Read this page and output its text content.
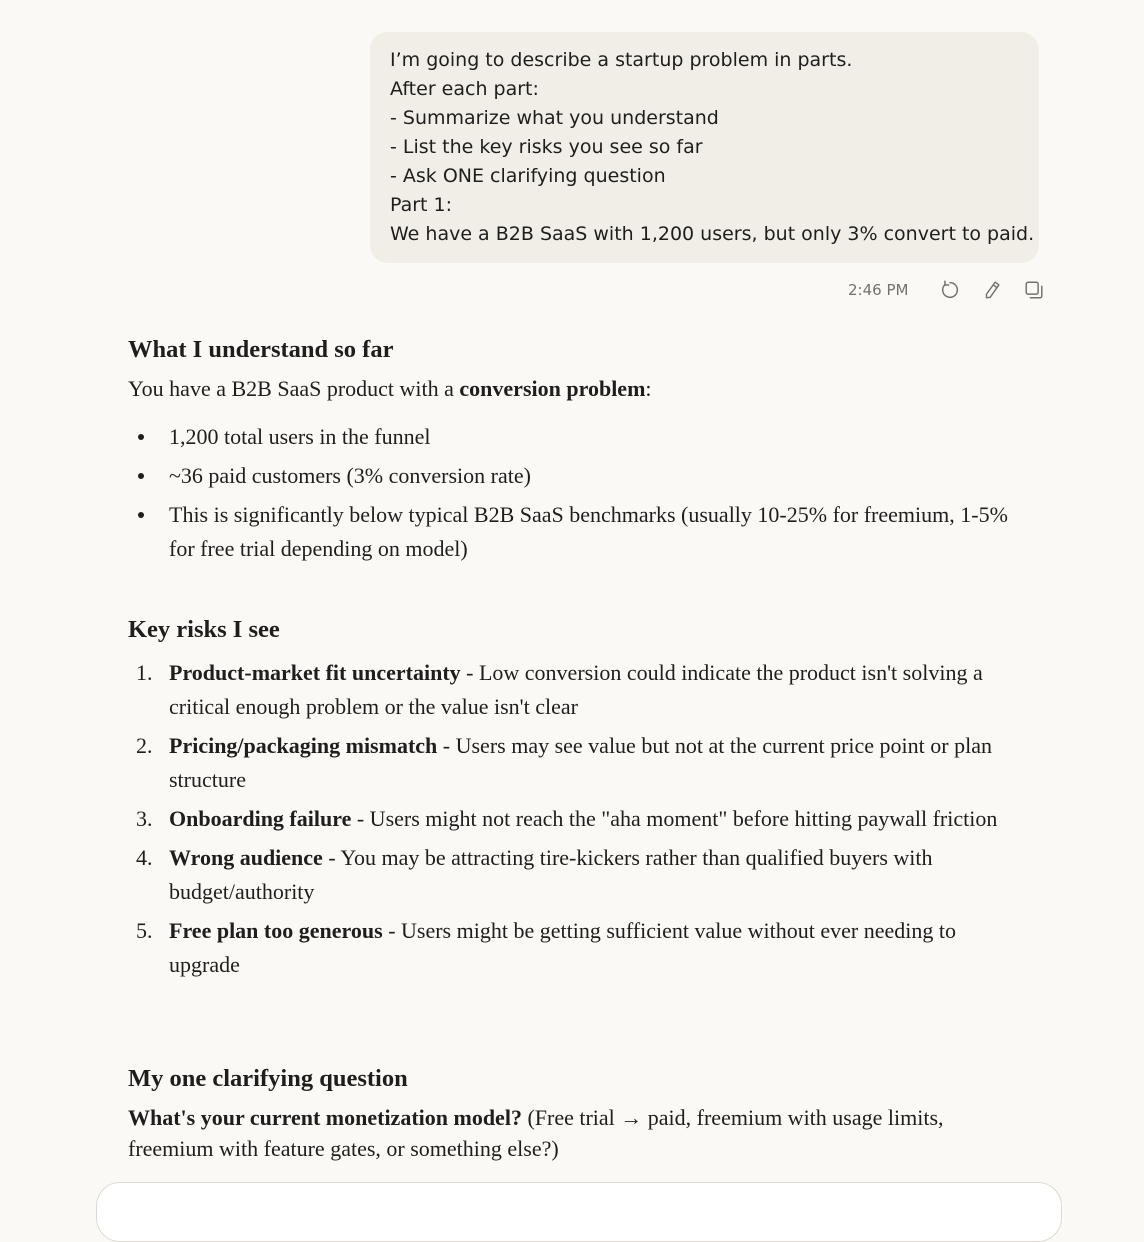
I’m going to describe a startup problem in parts.
After each part:
- Summarize what you understand
- List the key risks you see so far
- Ask ONE clarifying question
Part 1:
We have a B2B SaaS with 1,200 users, but only 3% convert to paid.
2:46 PM
What I understand so far

You have a B2B SaaS product with a conversion problem:

1,200 total users in the funnel
~36 paid customers (3% conversion rate)
This is significantly below typical B2B SaaS benchmarks (usually 10-25% for freemium, 1-5% for free trial depending on model)
Key risks I see
1. Product-market fit uncertainty - Low conversion could indicate the product isn't solving a critical enough problem or the value isn't clear
2. Pricing/packaging mismatch - Users may see value but not at the current price point or plan structure
3. Onboarding failure - Users might not reach the "aha moment" before hitting paywall friction
4. Wrong audience - You may be attracting tire-kickers rather than qualified buyers with budget/authority
5. Free plan too generous - Users might be getting sufficient value without ever needing to upgrade
My one clarifying question

What's your current monetization model? (Free trial → paid, freemium with usage limits, freemium with feature gates, or something else?)
